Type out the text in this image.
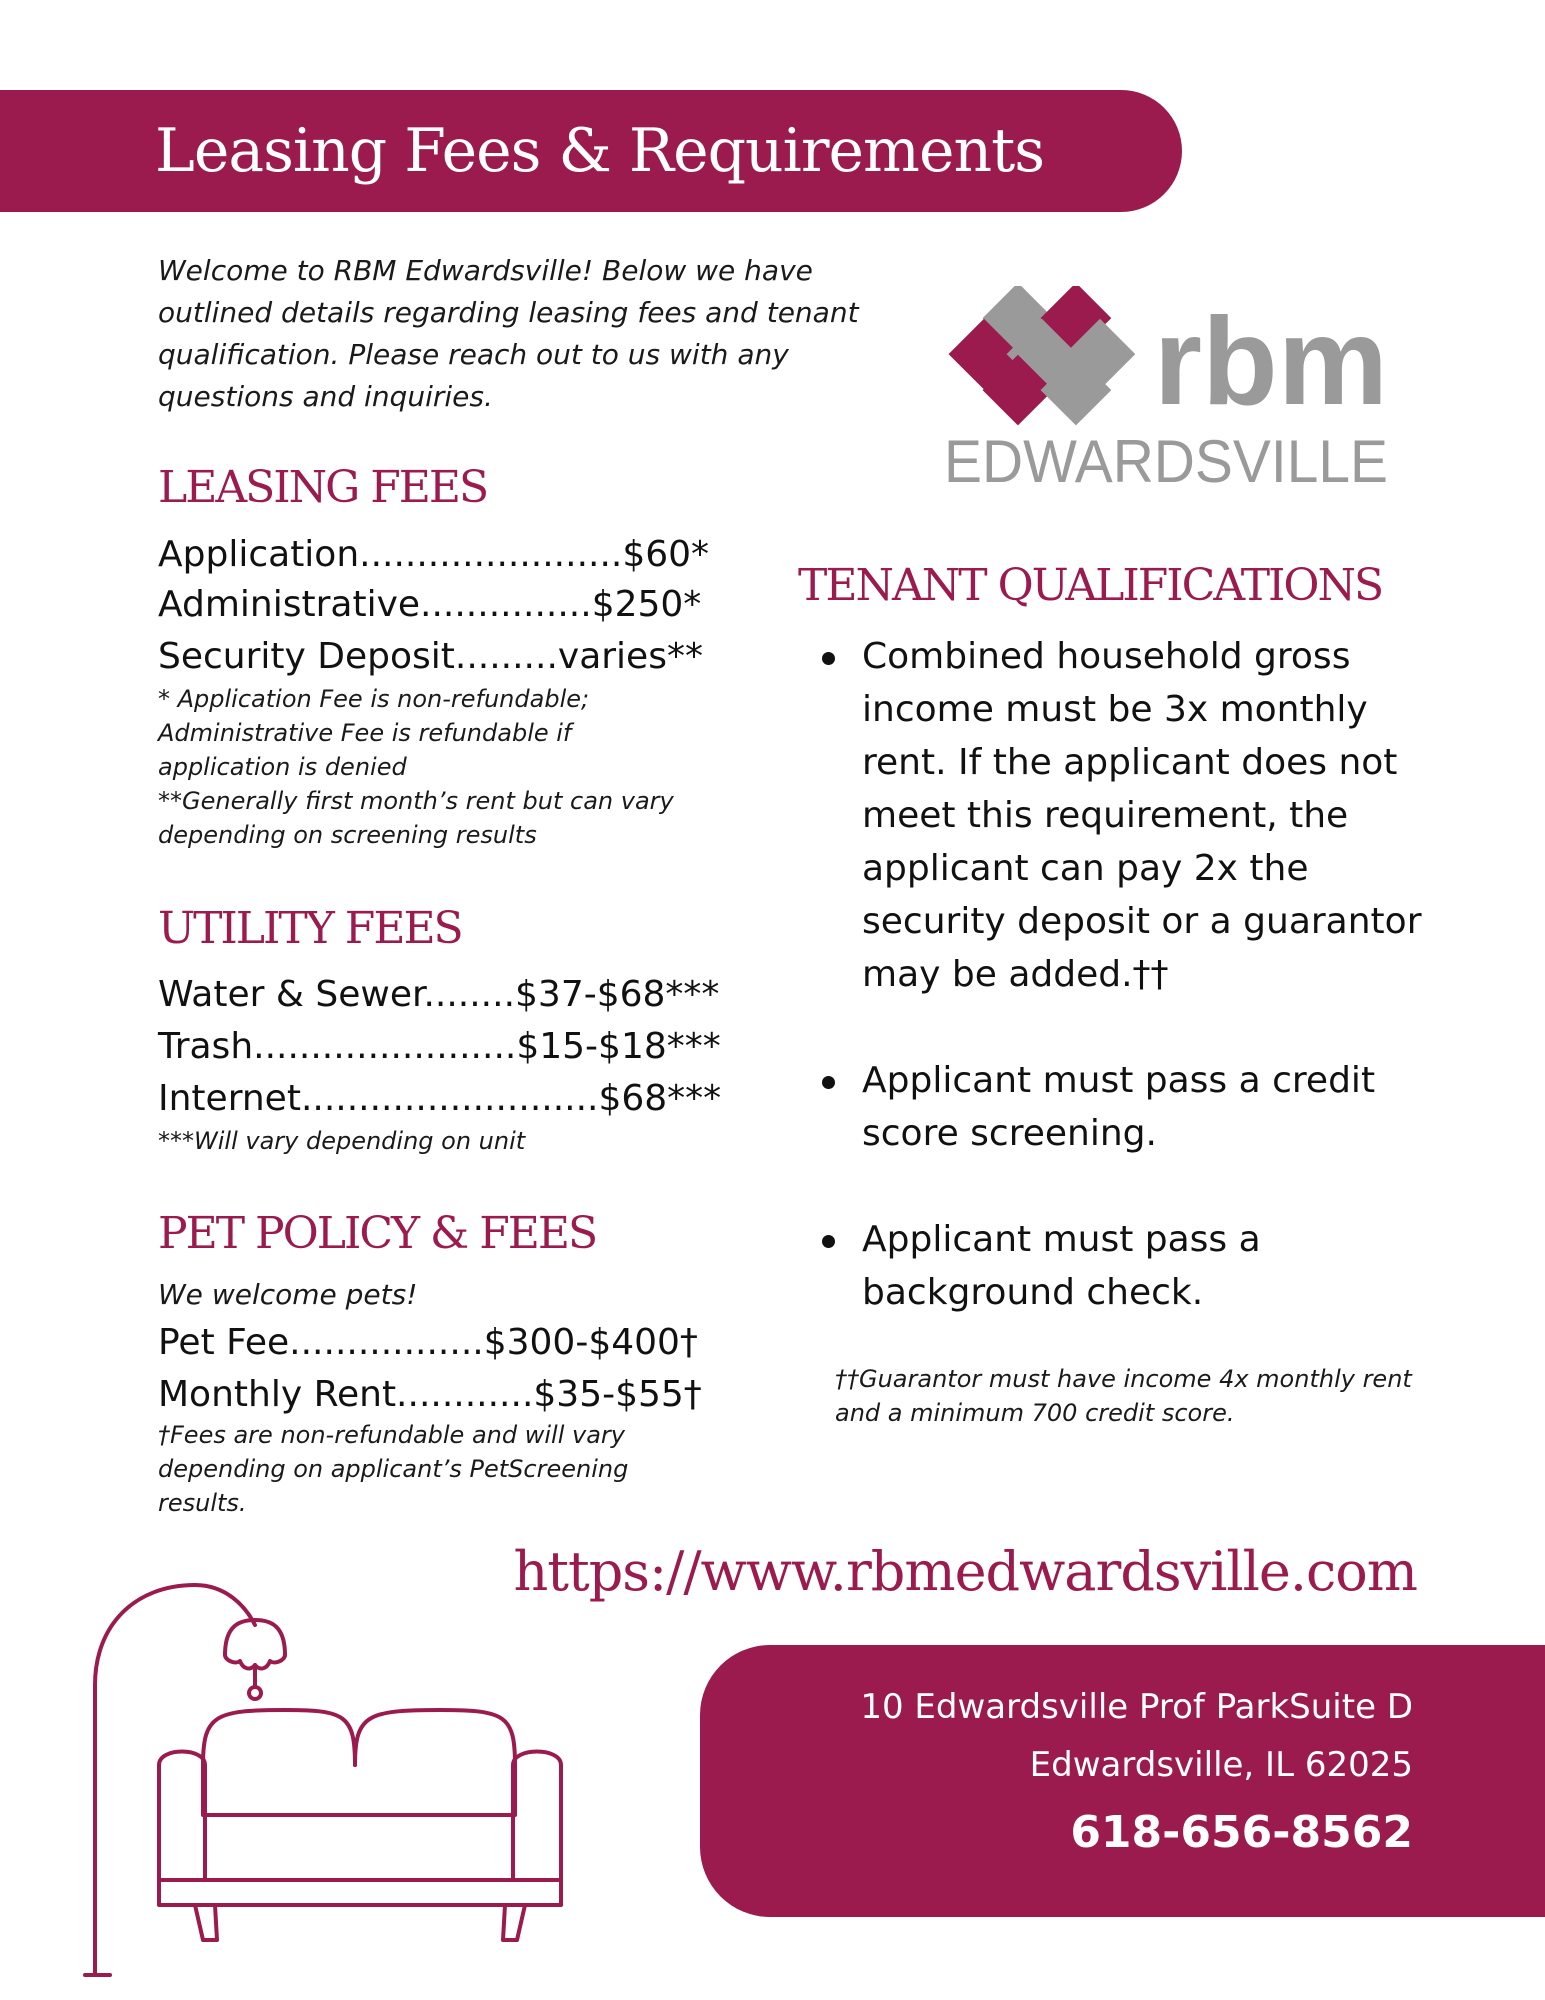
Leasing Fees & Requirements
Welcome to RBM Edwardsville! Below we have outlined details regarding leasing fees and tenant qualification. Please reach out to us with any questions and inquiries.	rbm
EDWARDSVILLE
LEASING FEES
Application.......................$60*
Administrative...............$250*
Security Deposit.........varies**
* Application Fee is non-refundable;
Administrative Fee is refundable if
application is denied
**Generally first month’s rent but can vary
depending on screening results
UTILITY FEES
Water & Sewer........$37-$68***
Trash.......................$15-$18***
Internet..........................$68***
***Will vary depending on unit
PET POLICY & FEES
We welcome pets!
Pet Fee.................$300-$400†
Monthly Rent............$35-$55†
†Fees are non-refundable and will vary
depending on applicant’s PetScreening
results.
TENANT QUALIFICATIONS
Combined household gross income must be 3x monthly rent. If the applicant does not meet this requirement, the applicant can pay 2x the security deposit or a guarantor may be added.††
Applicant must pass a credit score screening.
Applicant must pass a background check.
††Guarantor must have income 4x monthly rent
and a minimum 700 credit score.
https://www.rbmedwardsville.com
10 Edwardsville Prof ParkSuite D
Edwardsville, IL 62025
618-656-8562
